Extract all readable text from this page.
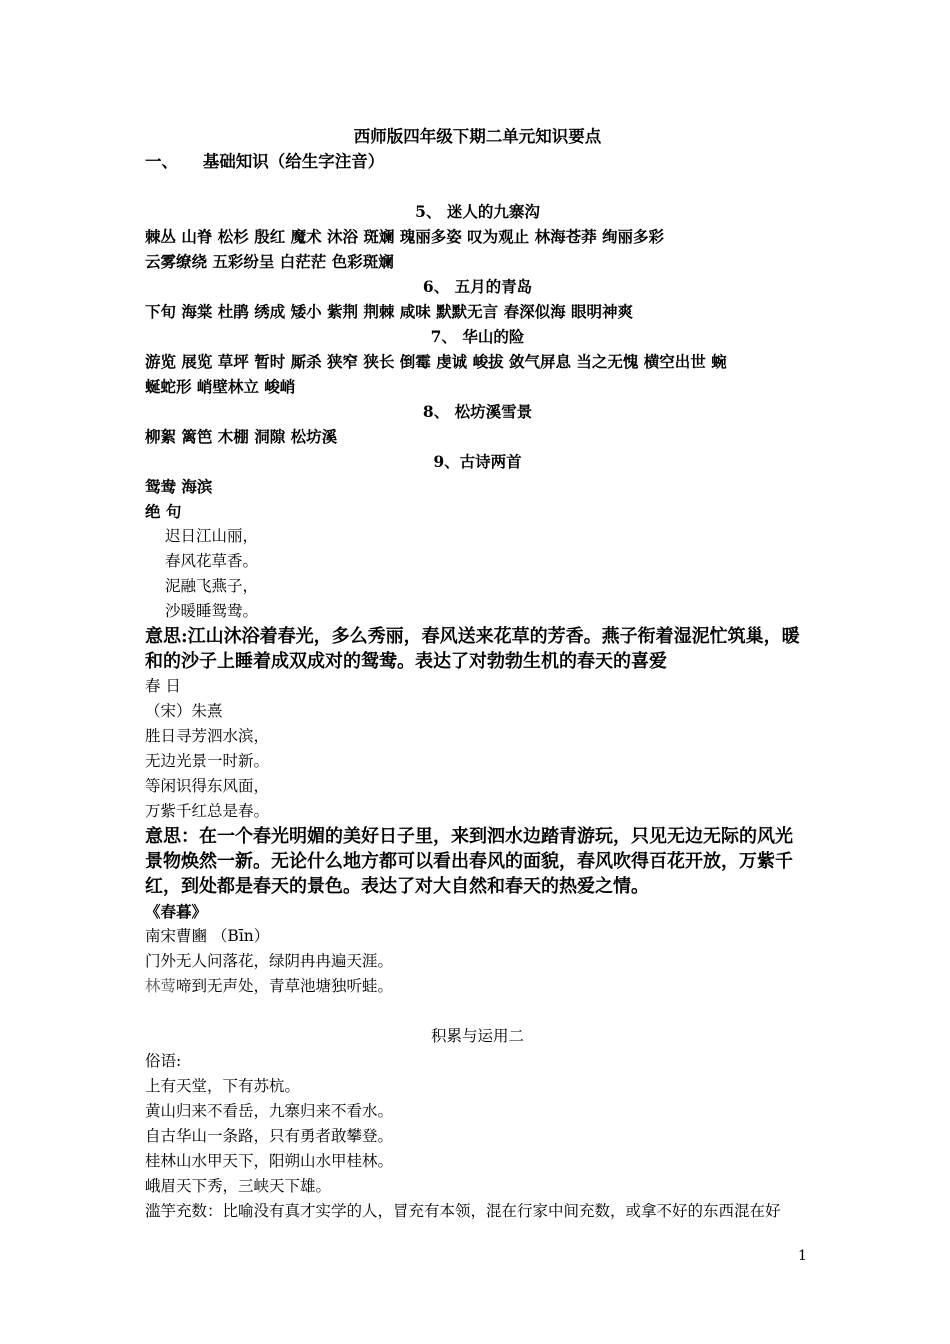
西师版四年级下期二单元知识要点
一、　　基础知识（给生字注音）
5、 迷人的九寨沟
棘丛 山脊 松杉 殷红 魔术 沐浴 斑斓 瑰丽多姿 叹为观止 林海苍莽 绚丽多彩
云雾缭绕 五彩纷呈 白茫茫 色彩斑斓
6、 五月的青岛
下旬 海棠 杜鹃 绣成 矮小 紫荆 荆棘 咸味 默默无言 春深似海 眼明神爽
7、 华山的险
游览 展览 草坪 暂时 厮杀 狭窄 狭长 倒霉 虔诚 峻拔 敛气屏息 当之无愧 横空出世 蜿
蜒蛇形 峭壁林立 峻峭
8、 松坊溪雪景
柳絮 篱笆 木棚 洞隙 松坊溪
9、古诗两首
鸳鸯 海滨
绝 句
迟日江山丽，
春风花草香。
泥融飞燕子，
沙暖睡鸳鸯。
意思:江山沐浴着春光，多么秀丽，春风送来花草的芳香。燕子衔着湿泥忙筑巢，暖和的沙子上睡着成双成对的鸳鸯。表达了对勃勃生机的春天的喜爱
春 日
（宋）朱熹
胜日寻芳泗水滨，
无边光景一时新。
等闲识得东风面，
万紫千红总是春。
意思：在一个春光明媚的美好日子里，来到泗水边踏青游玩，只见无边无际的风光景物焕然一新。无论什么地方都可以看出春风的面貌，春风吹得百花开放，万紫千红，到处都是春天的景色。表达了对大自然和春天的热爱之情。
《春暮》
南宋曹豳 （Bīn）
门外无人问落花，绿阴冉冉遍天涯。
林莺啼到无声处，青草池塘独听蛙。
积累与运用二
俗语:
上有天堂，下有苏杭。
黄山归来不看岳，九寨归来不看水。
自古华山一条路，只有勇者敢攀登。
桂林山水甲天下，阳朔山水甲桂林。
峨眉天下秀，三峡天下雄。
滥竽充数：比喻没有真才实学的人，冒充有本领，混在行家中间充数，或拿不好的东西混在好
1
